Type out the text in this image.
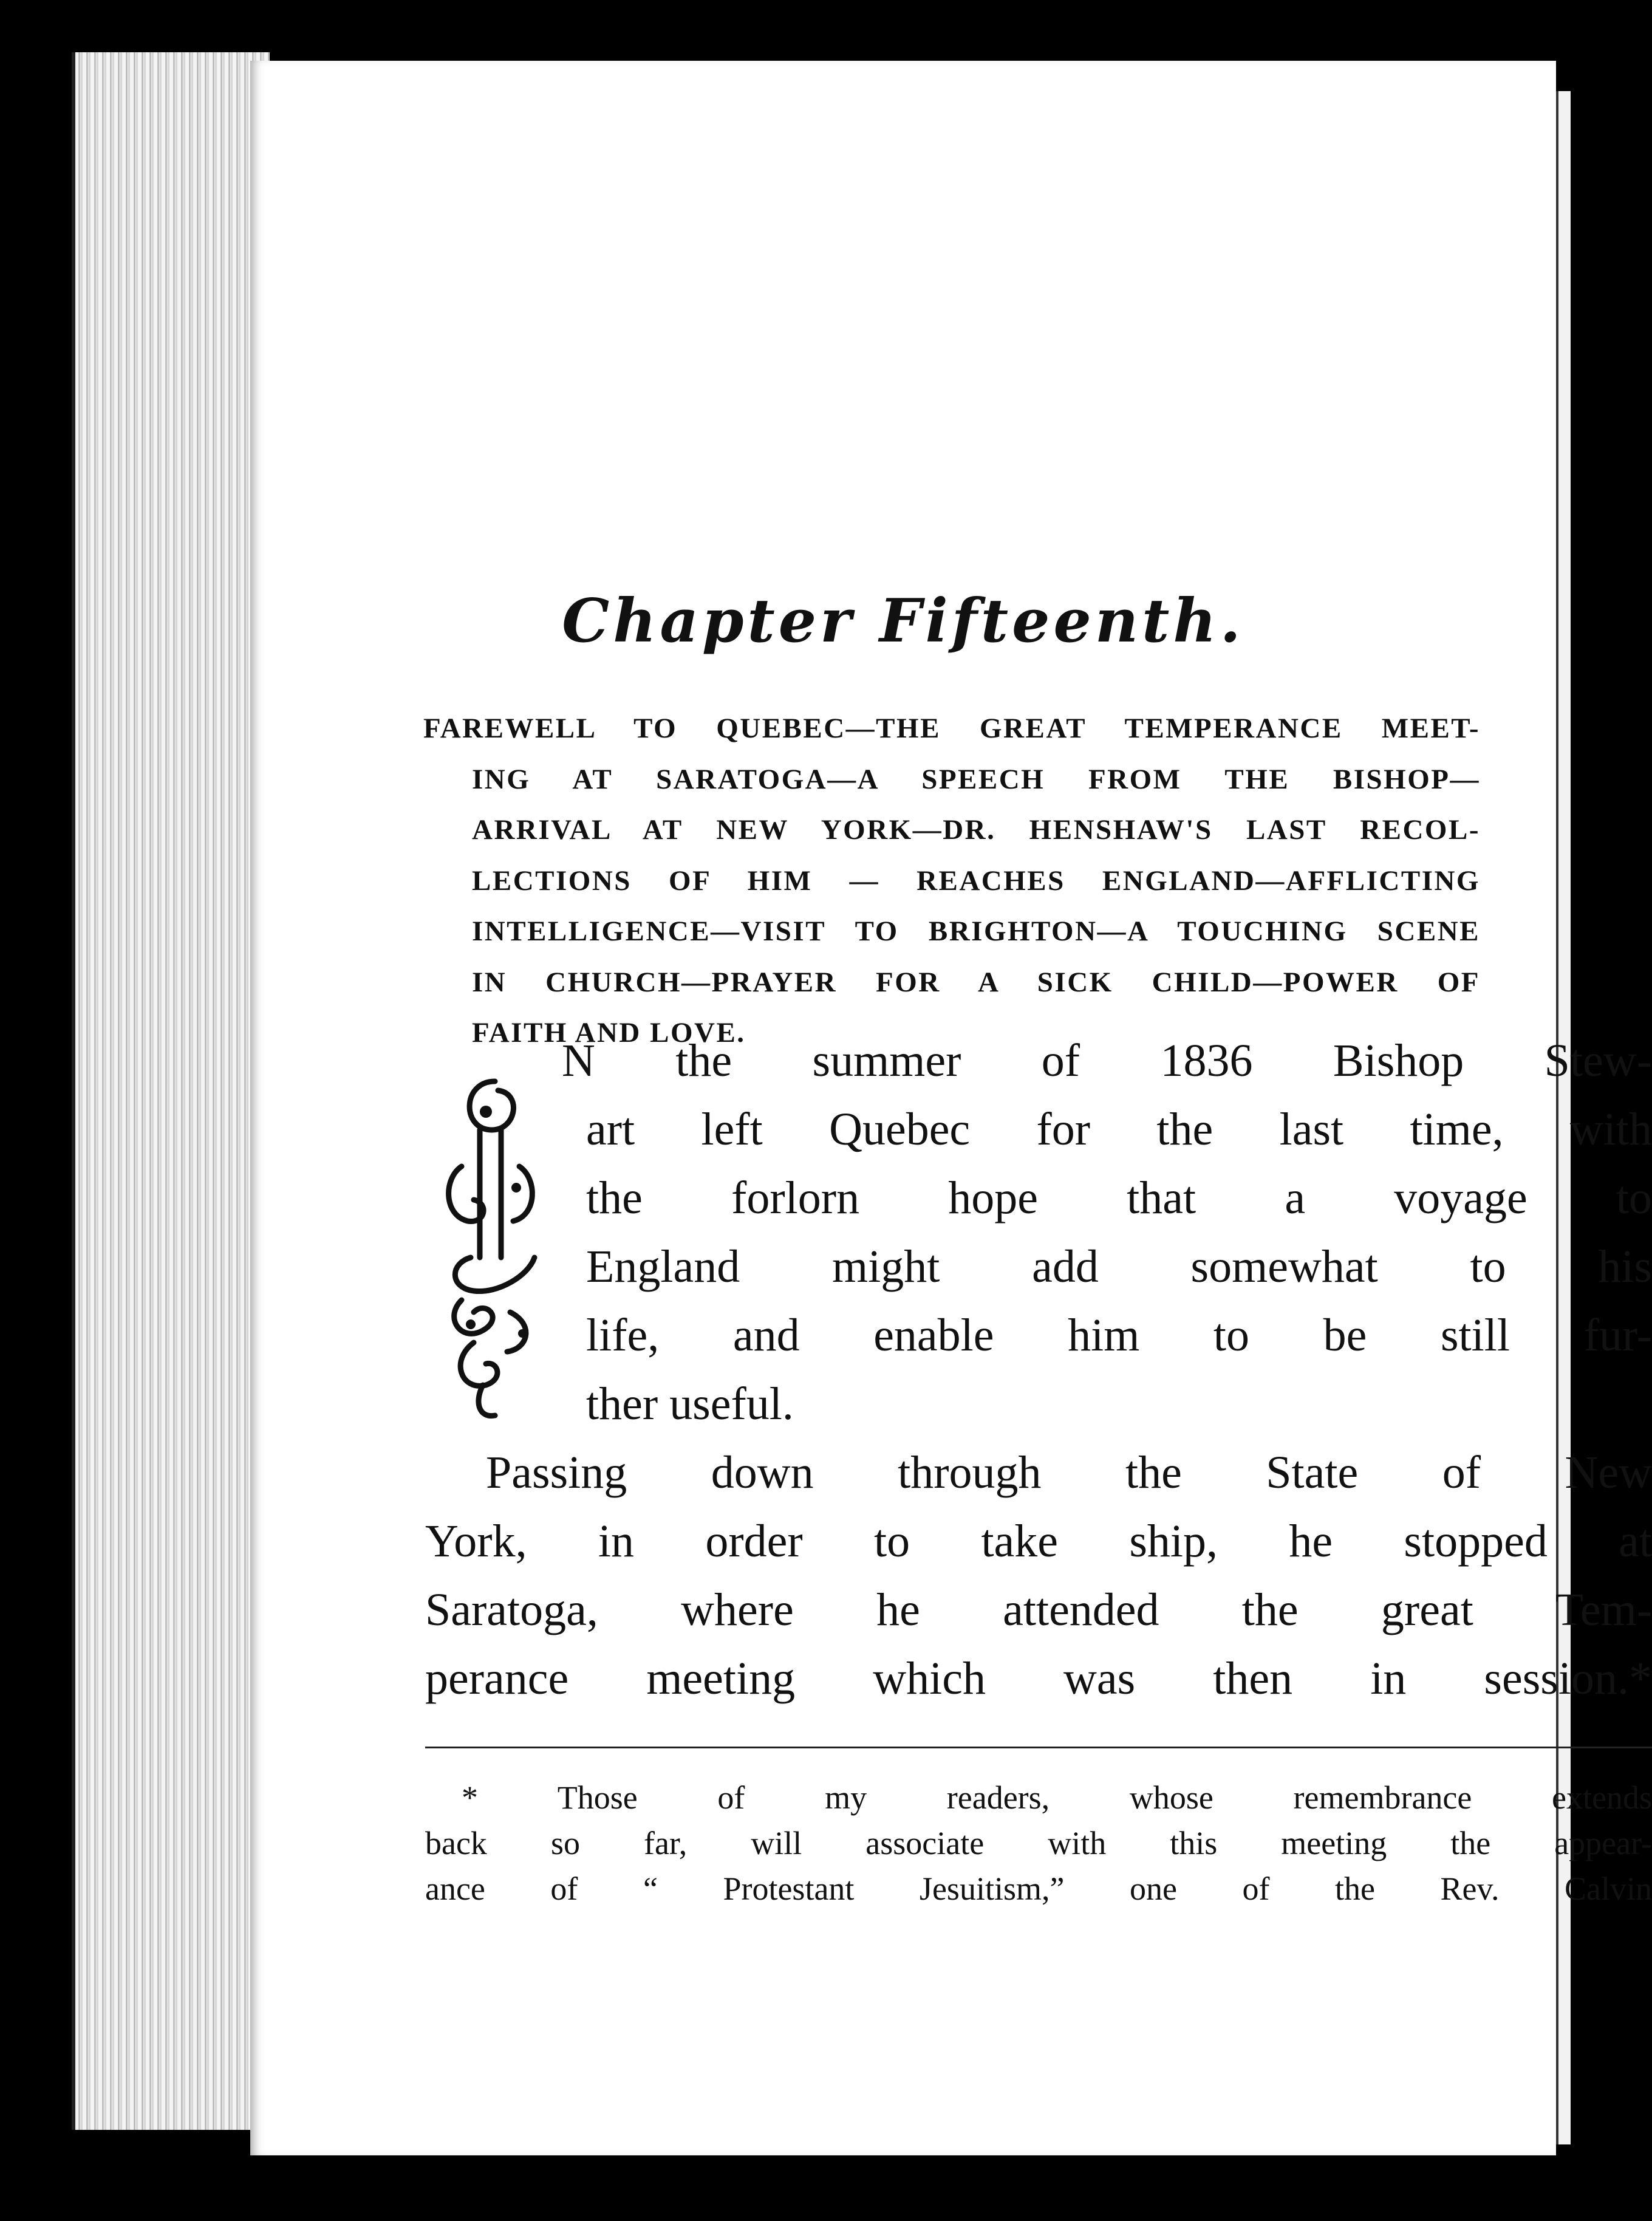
Chapter Fifteenth.
FAREWELL TO QUEBEC—THE GREAT TEMPERANCE MEET-
ING AT SARATOGA—A SPEECH FROM THE BISHOP—
ARRIVAL AT NEW YORK—DR. HENSHAW'S LAST RECOL-
LECTIONS OF HIM — REACHES ENGLAND—AFFLICTING
INTELLIGENCE—VISIT TO BRIGHTON—A TOUCHING SCENE
IN CHURCH—PRAYER FOR A SICK CHILD—POWER OF
FAITH AND LOVE.
N the summer of 1836 Bishop Stew-
art left Quebec for the last time, with
the forlorn hope that a voyage to
England might add somewhat to his
life, and enable him to be still fur-
ther useful.
Passing down through the State of New
York, in order to take ship, he stopped at
Saratoga, where he attended the great Tem-
perance meeting which was then in session.*
* Those of my readers, whose remembrance extends
back so far, will associate with this meeting the appear-
ance of “ Protestant Jesuitism,” one of the Rev. Calvin
